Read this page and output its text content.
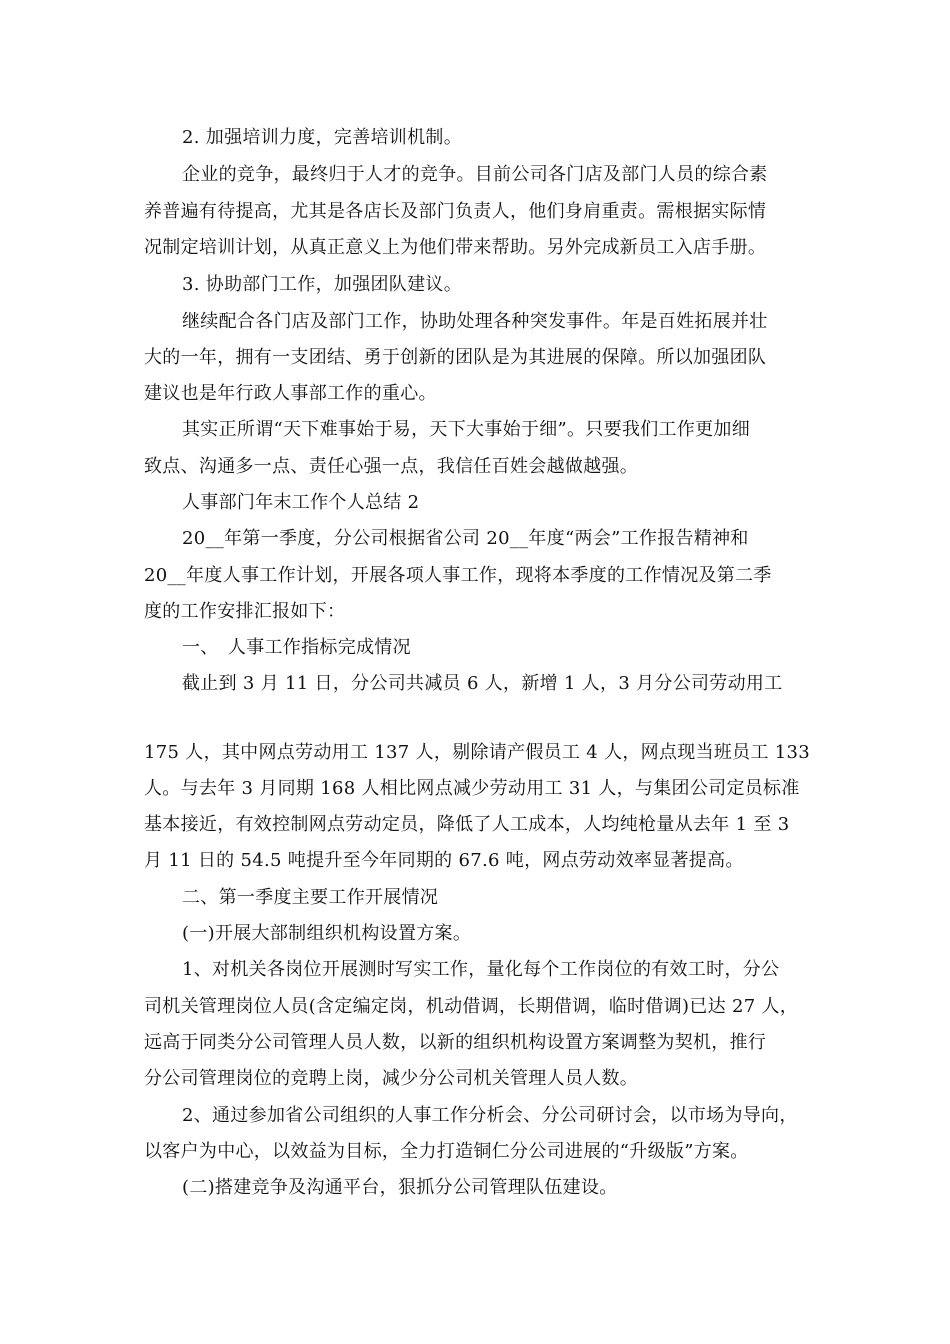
2. 加强培训力度，完善培训机制。
企业的竞争，最终归于人才的竞争。目前公司各门店及部门人员的综合素
养普遍有待提高，尤其是各店长及部门负责人，他们身肩重责。需根据实际情
况制定培训计划，从真正意义上为他们带来帮助。另外完成新员工入店手册。
3. 协助部门工作，加强团队建议。
继续配合各门店及部门工作，协助处理各种突发事件。年是百姓拓展并壮
大的一年，拥有一支团结、勇于创新的团队是为其进展的保障。所以加强团队
建议也是年行政人事部工作的重心。
其实正所谓“天下难事始于易，天下大事始于细”。只要我们工作更加细
致点、沟通多一点、责任心强一点，我信任百姓会越做越强。
人事部门年末工作个人总结 2
20__年第一季度，分公司根据省公司 20__年度“两会”工作报告精神和
20__年度人事工作计划，开展各项人事工作，现将本季度的工作情况及第二季
度的工作安排汇报如下：
一、　人事工作指标完成情况
截止到 3 月 11 日，分公司共减员 6 人，新增 1 人，3 月分公司劳动用工
175 人，其中网点劳动用工 137 人，剔除请产假员工 4 人，网点现当班员工 133
人。与去年 3 月同期 168 人相比网点减少劳动用工 31 人，与集团公司定员标准
基本接近，有效控制网点劳动定员，降低了人工成本，人均纯枪量从去年 1 至 3
月 11 日的 54.5 吨提升至今年同期的 67.6 吨，网点劳动效率显著提高。
二、第一季度主要工作开展情况
(一)开展大部制组织机构设置方案。
1、对机关各岗位开展测时写实工作，量化每个工作岗位的有效工时，分公
司机关管理岗位人员(含定编定岗，机动借调，长期借调，临时借调)已达 27 人，
远高于同类分公司管理人员人数，以新的组织机构设置方案调整为契机，推行
分公司管理岗位的竞聘上岗，减少分公司机关管理人员人数。
2、通过参加省公司组织的人事工作分析会、分公司研讨会，以市场为导向，
以客户为中心，以效益为目标，全力打造铜仁分公司进展的“升级版”方案。
(二)搭建竞争及沟通平台，狠抓分公司管理队伍建设。
